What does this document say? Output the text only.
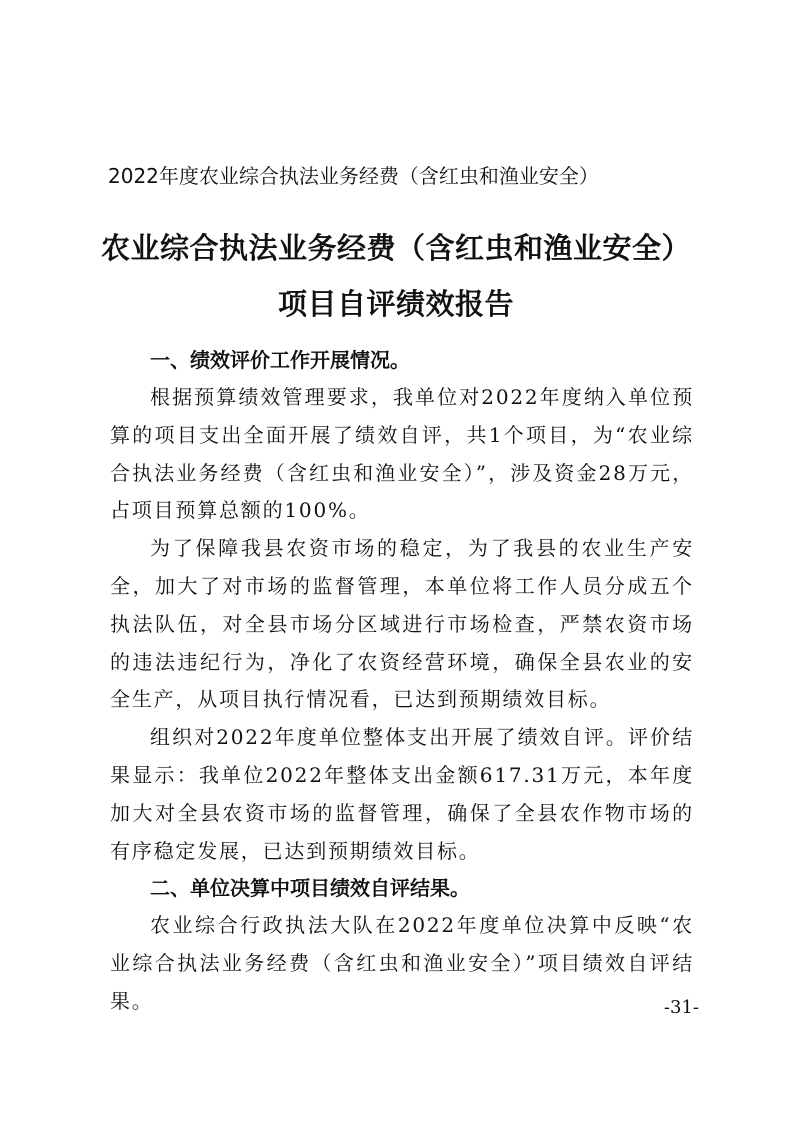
2022年度农业综合执法业务经费（含红虫和渔业安全）
农业综合执法业务经费（含红虫和渔业安全）
项目自评绩效报告
一、绩效评价工作开展情况。

根据预算绩效管理要求，我单位对2022年度纳入单位预算的项目支出全面开展了绩效自评，共1个项目，为“农业综合执法业务经费（含红虫和渔业安全）”，涉及资金28万元，占项目预算总额的100%。

为了保障我县农资市场的稳定，为了我县的农业生产安全，加大了对市场的监督管理，本单位将工作人员分成五个执法队伍，对全县市场分区域进行市场检查，严禁农资市场的违法违纪行为，净化了农资经营环境，确保全县农业的安全生产，从项目执行情况看，已达到预期绩效目标。

组织对2022年度单位整体支出开展了绩效自评。评价结果显示：我单位2022年整体支出金额617.31万元，本年度加大对全县农资市场的监督管理，确保了全县农作物市场的有序稳定发展，已达到预期绩效目标。

二、单位决算中项目绩效自评结果。

农业综合行政执法大队在2022年度单位决算中反映“农业综合执法业务经费（含红虫和渔业安全）”项目绩效自评结果。	-31-
